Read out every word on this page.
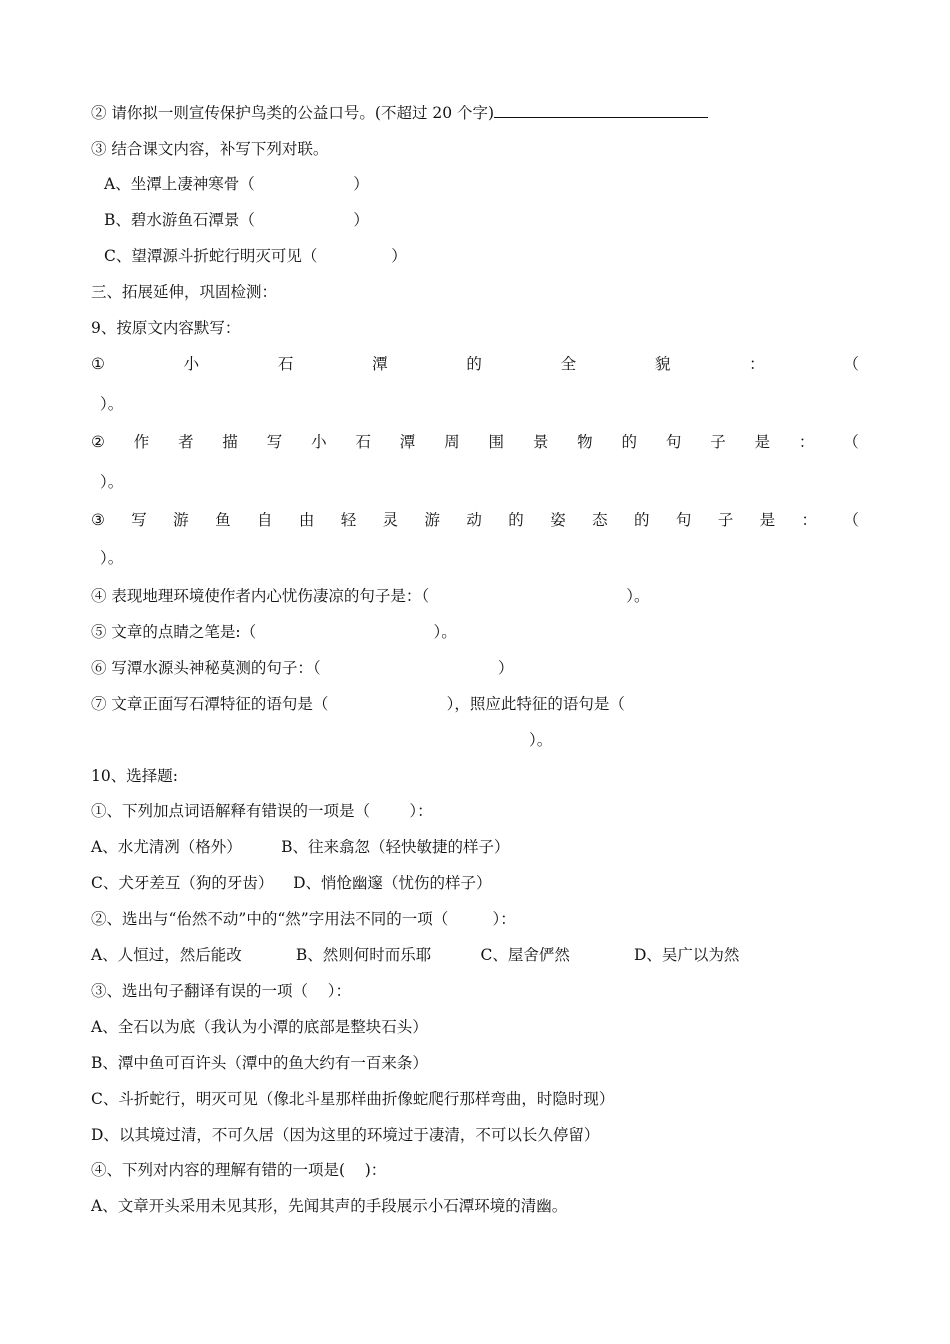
② 请你拟一则宣传保护鸟类的公益口号。(不超过 20 个字)
③ 结合课文内容，补写下列对联。
A、坐潭上凄神寒骨（                    ）
B、碧水游鱼石潭景（                    ）
C、望潭源斗折蛇行明灭可见（               ）
三、拓展延伸，巩固检测：
9、按原文内容默写：
①	小	石	潭	的	全	貌	：	（
）。
② 作 者 描 写 小 石 潭 周 围 景 物 的 句 子 是 ： （
）。
③ 写 游 鱼 自 由 轻 灵 游 动 的 姿 态 的 句 子 是 ： （
）。
④ 表现地理环境使作者内心忧伤凄凉的句子是：（                                        ）。
⑤ 文章的点睛之笔是:（                                    ）。
⑥ 写潭水源头神秘莫测的句子：（                                    ）
⑦ 文章正面写石潭特征的语句是（                        ），照应此特征的语句是（
）。
10、选择题:
①、下列加点词语解释有错误的一项是（        ）：
A、水尤清冽（格外）        B、往来翕忽（轻快敏捷的样子）
C、犬牙差互（狗的牙齿）    D、悄怆幽邃（忧伤的样子）
②、选出与“佁然不动”中的“然”字用法不同的一项（         ）：
A、人恒过，然后能改           B、然则何时而乐耶          C、屋舍俨然             D、吴广以为然
③、选出句子翻译有误的一项（    ）：
A、全石以为底（我认为小潭的底部是整块石头）
B、潭中鱼可百许头（潭中的鱼大约有一百来条）
C、斗折蛇行，明灭可见（像北斗星那样曲折像蛇爬行那样弯曲，时隐时现）
D、以其境过清，不可久居（因为这里的环境过于凄清，不可以长久停留）
④、下列对内容的理解有错的一项是(    )：
A、文章开头采用未见其形，先闻其声的手段展示小石潭环境的清幽。
